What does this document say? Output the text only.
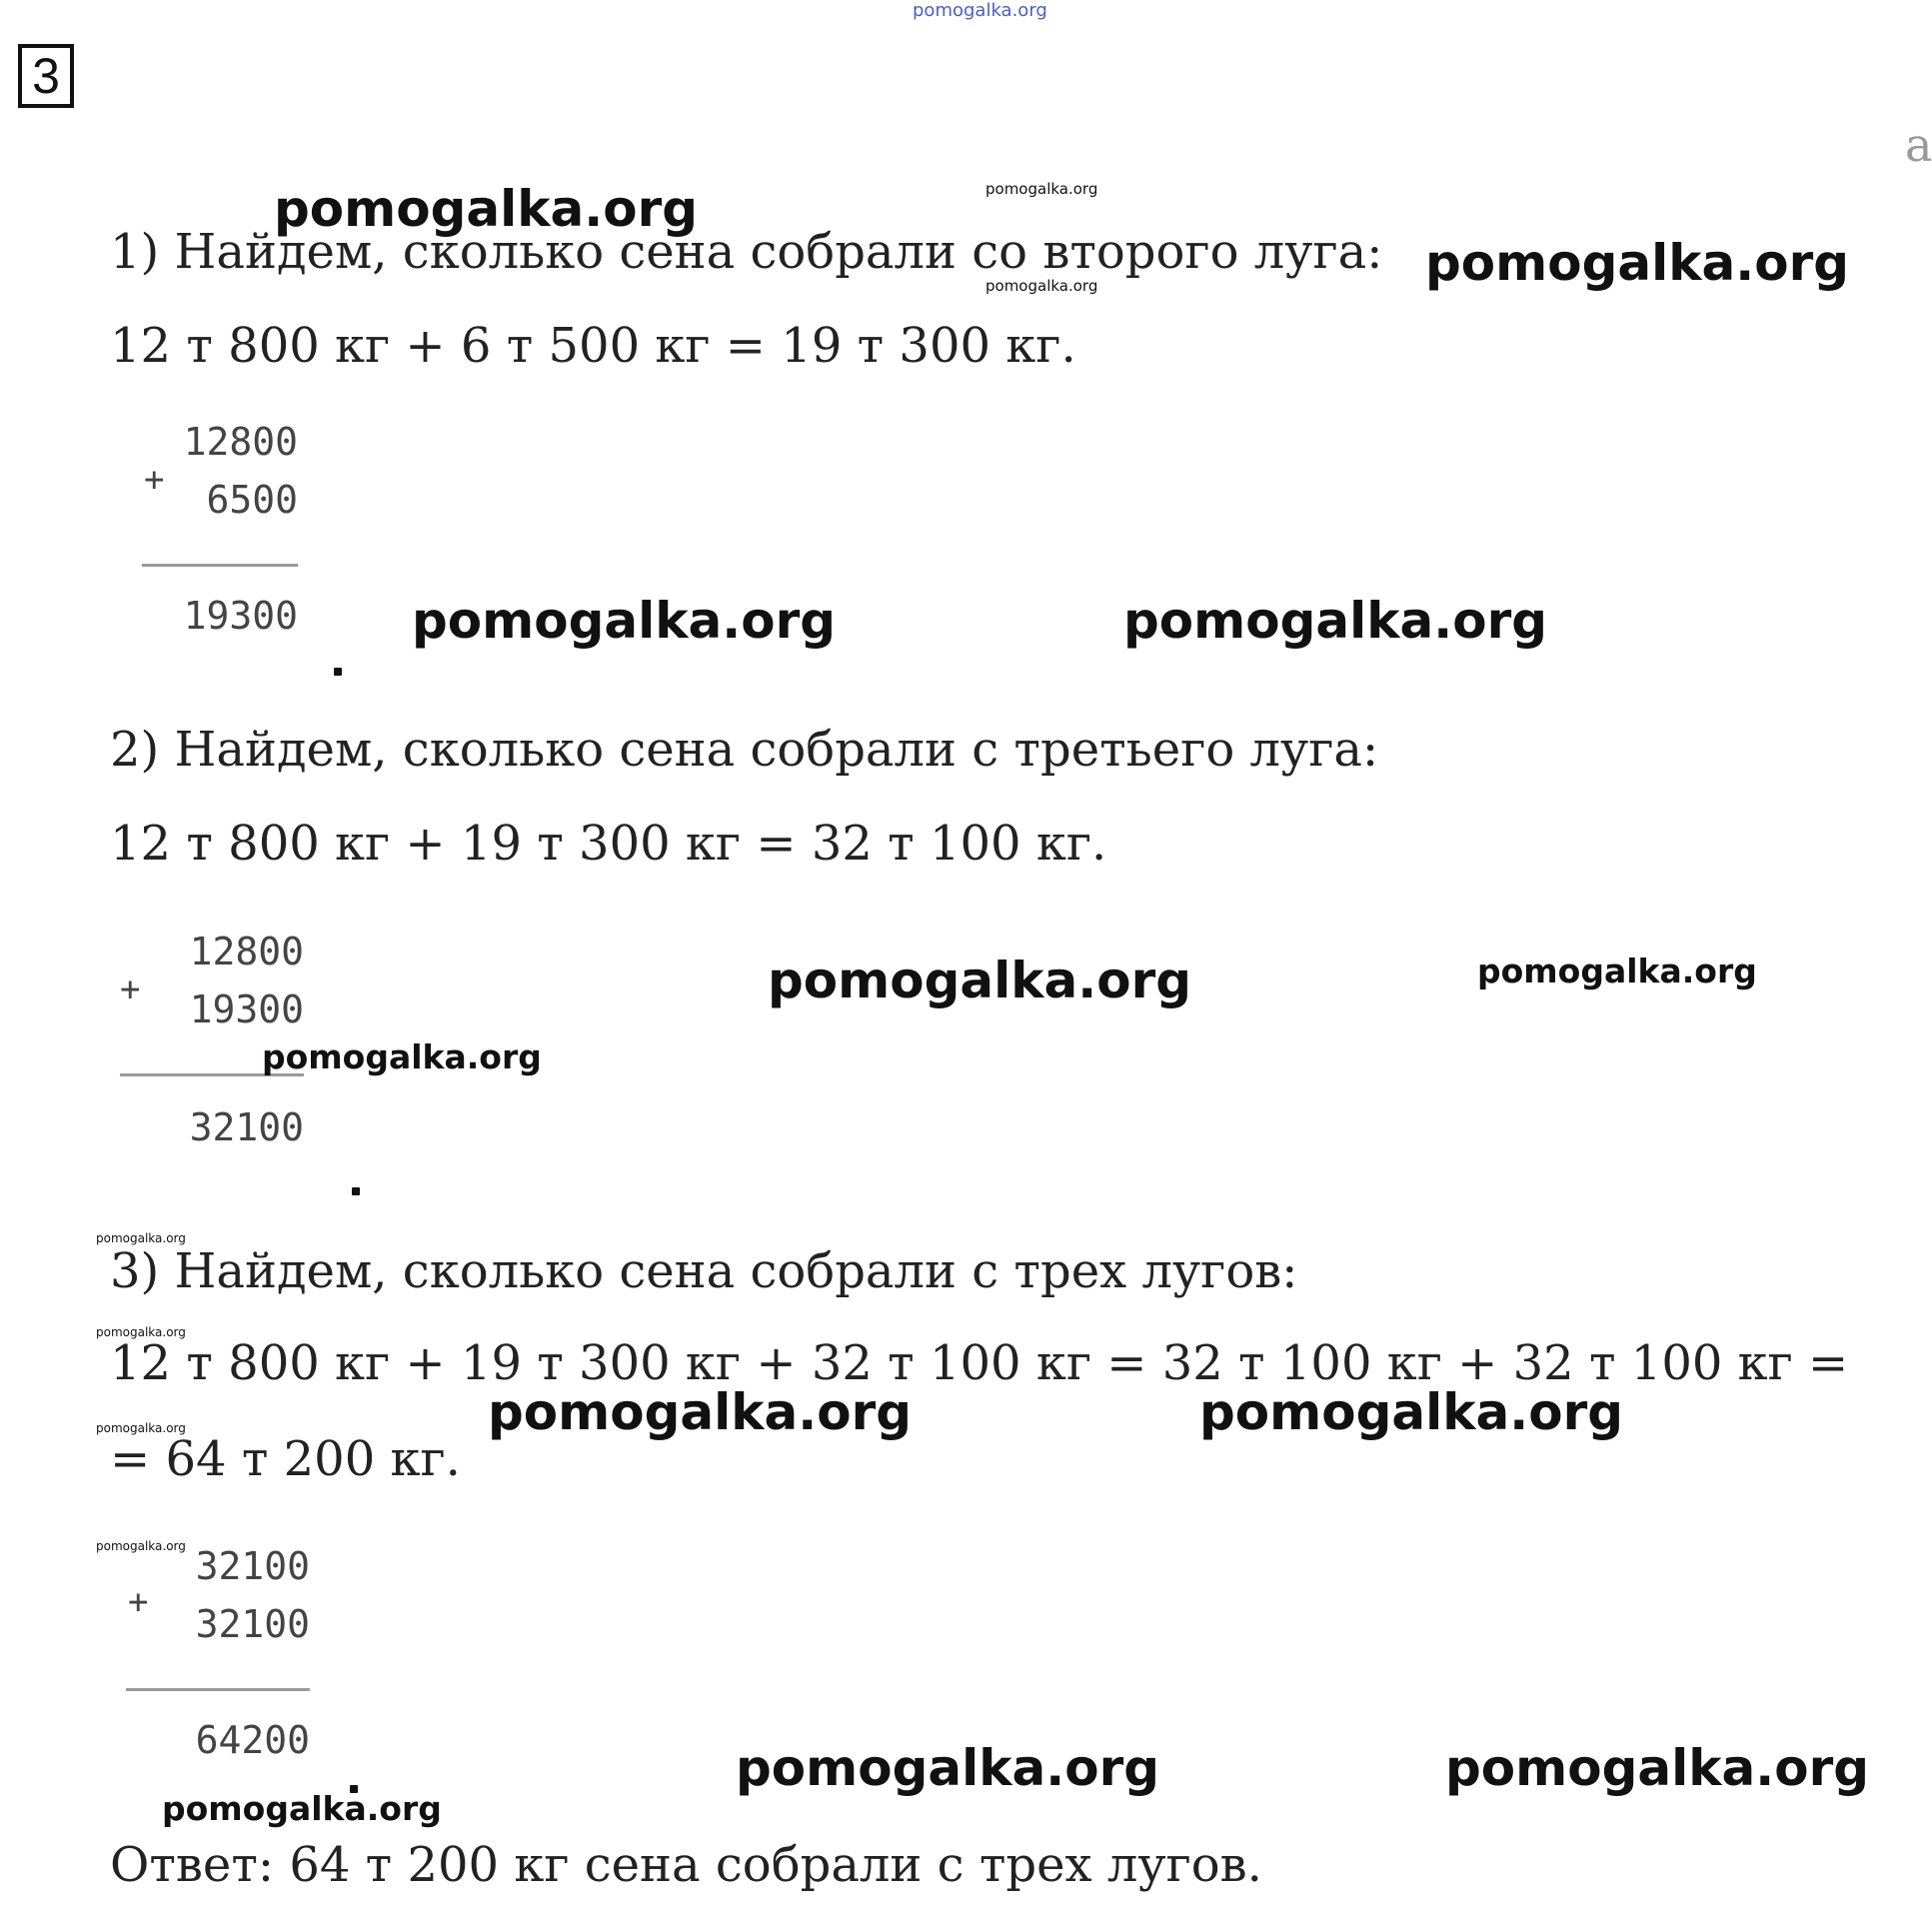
pomogalka.org
3
a
1) Найдем, сколько сена собрали со второго луга:
12 т 800 кг + 6 т 500 кг = 19 т 300 кг.
12800
+ 6500
19300
2) Найдем, сколько сена собрали с третьего луга:
12 т 800 кг + 19 т 300 кг = 32 т 100 кг.
12800
+ 19300
32100
3) Найдем, сколько сена собрали с трех лугов:
12 т 800 кг + 19 т 300 кг + 32 т 100 кг = 32 т 100 кг + 32 т 100 кг =
= 64 т 200 кг.
32100
+ 32100
64200
Ответ: 64 т 200 кг сена собрали с трех лугов.
pomogalka.org	pomogalka.org
pomogalka.org	pomogalka.org
pomogalka.org	pomogalka.org
pomogalka.org	pomogalka.org
pomogalka.org
pomogalka.org
pomogalka.org
pomogalka.org
pomogalka.org
pomogalka.org	pomogalka.org
pomogalka.org	pomogalka.org
pomogalka.org
